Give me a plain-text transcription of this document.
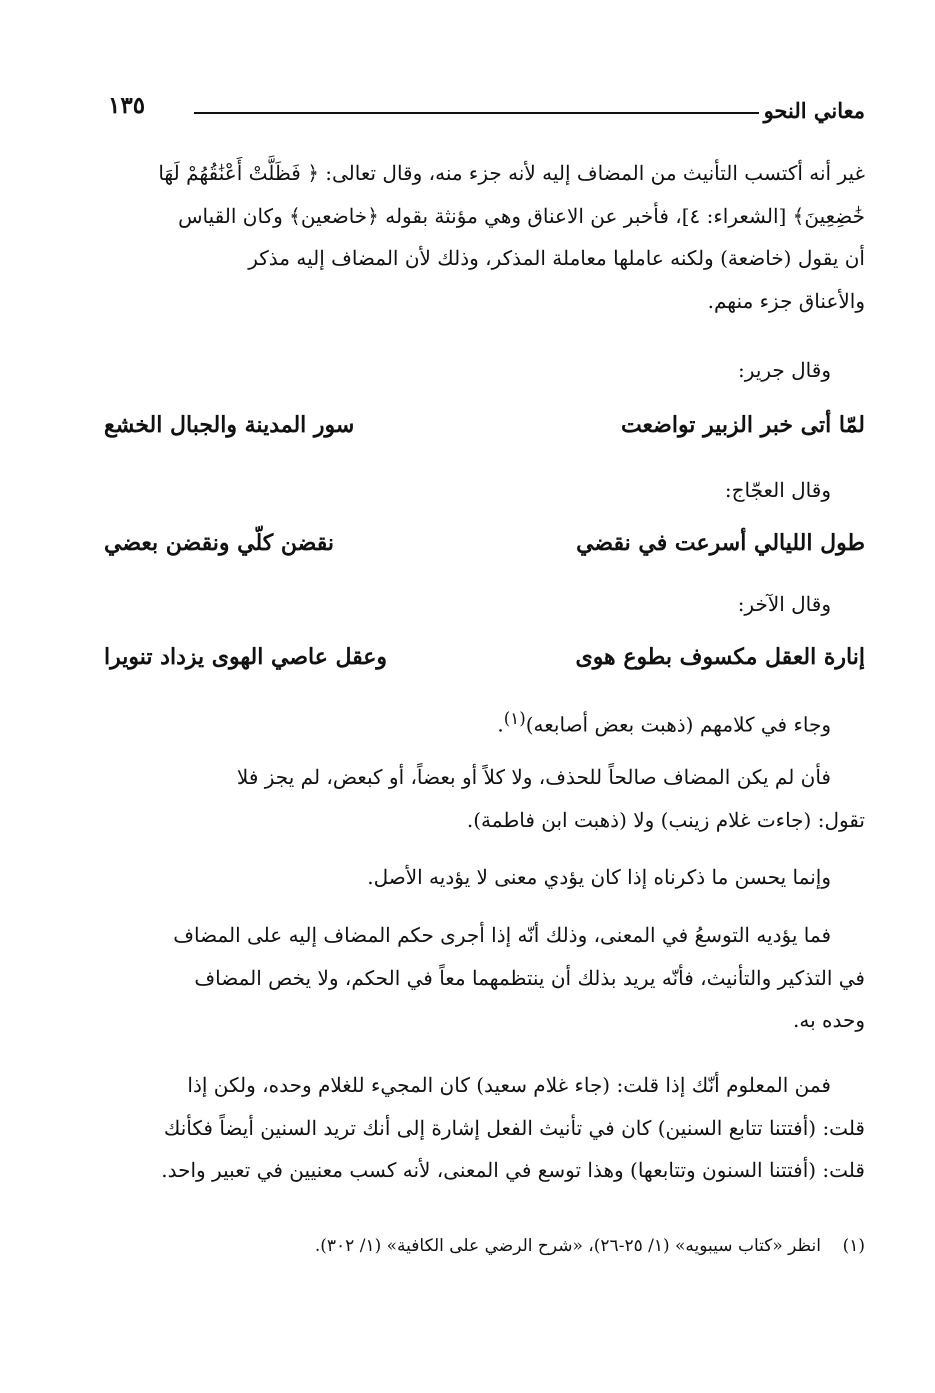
معاني النحو
١٣٥
غير أنه أكتسب التأنيث من المضاف إليه لأنه جزء منه، وقال تعالى: ﴿ فَظَلَّتْ أَعْنَٰقُهُمْ لَهَا
خَٰضِعِينَ﴾ [الشعراء: ٤]، فأخبر عن الاعناق وهي مؤنثة بقوله ﴿خاضعين﴾ وكان القياس
أن يقول (خاضعة) ولكنه عاملها معاملة المذكر، وذلك لأن المضاف إليه مذكر
والأعناق جزء منهم.
وقال جرير:
لمّا أتى خبر الزبير تواضعت
سور المدينة والجبال الخشع
وقال العجّاج:
طول الليالي أسرعت في نقضي
نقضن كلّي ونقضن بعضي
وقال الآخر:
إنارة العقل مكسوف بطوع هوى
وعقل عاصي الهوى يزداد تنويرا
وجاء في كلامهم (ذهبت بعض أصابعه)$^{(١)}$.
فأن لم يكن المضاف صالحاً للحذف، ولا كلاً أو بعضاً، أو كبعض، لم يجز فلا
تقول: (جاءت غلام زينب) ولا (ذهبت ابن فاطمة).
وإنما يحسن ما ذكرناه إذا كان يؤدي معنى لا يؤديه الأصل.
فما يؤديه التوسعُ في المعنى، وذلك أنّه إذا أجرى حكم المضاف إليه على المضاف
في التذكير والتأنيث، فأنّه يريد بذلك أن ينتظمهما معاً في الحكم، ولا يخص المضاف
وحده به.
فمن المعلوم أنّك إذا قلت: (جاء غلام سعيد) كان المجيء للغلام وحده، ولكن إذا
قلت: (أفتتنا تتابع السنين) كان في تأنيث الفعل إشارة إلى أنك تريد السنين أيضاً فكأنك
قلت: (أفتتنا السنون وتتابعها) وهذا توسع في المعنى، لأنه كسب معنيين في تعبير واحد.
(١)    انظر «كتاب سيبويه» (١/ ٢٥-٢٦)، «شرح الرضي على الكافية» (١/ ٣٠٢).
